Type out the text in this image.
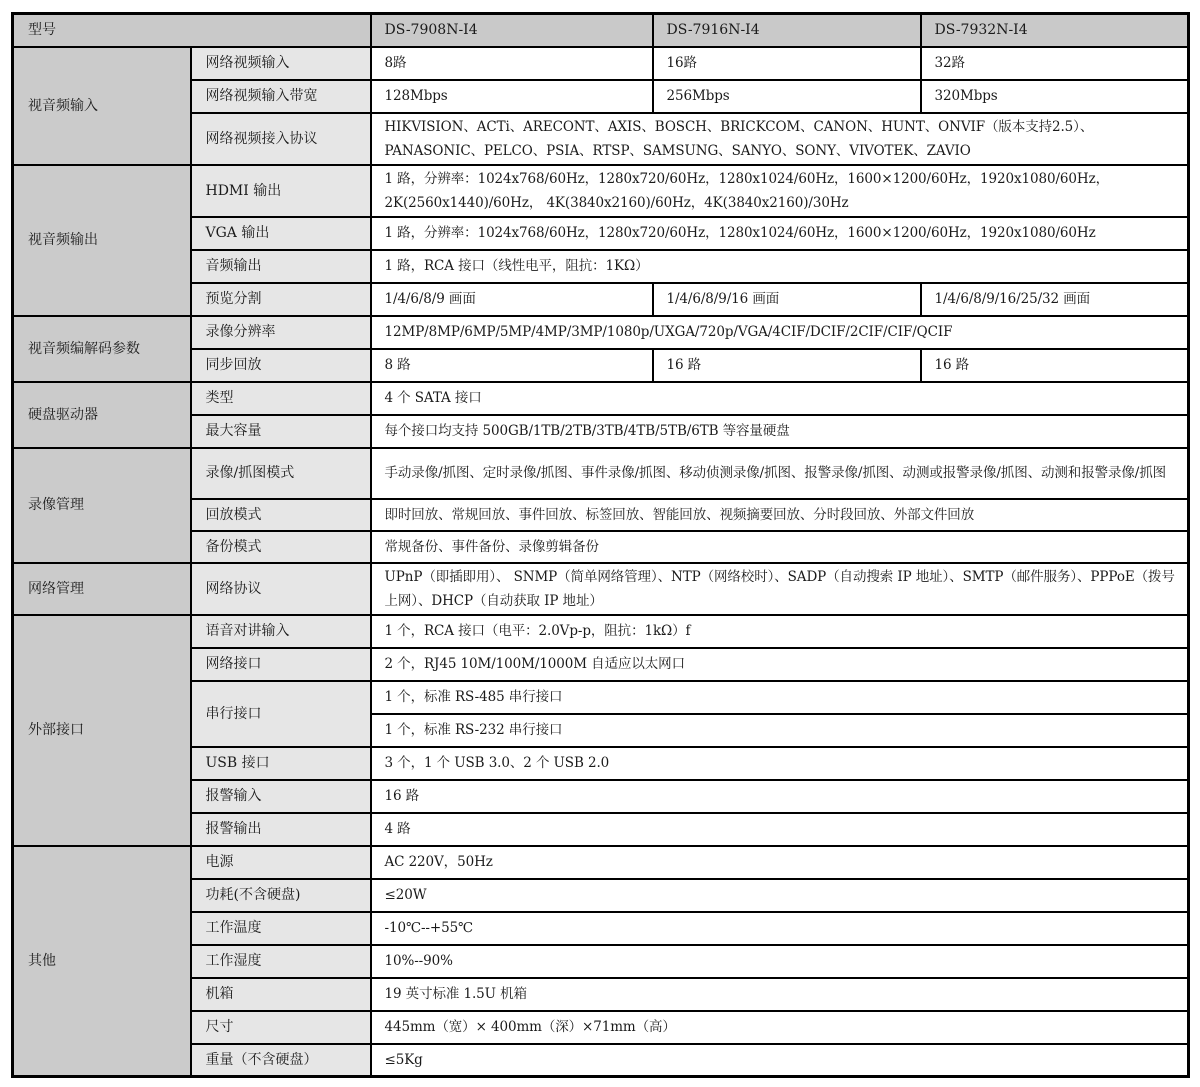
型号		DS-7908N-I4	DS-7916N-I4	DS-7932N-I4
视音频输入	网络视频输入	8路	16路	32路
	网络视频输入带宽	128Mbps	256Mbps	320Mbps
	网络视频接入协议	HIKVISION、ACTi、ARECONT、AXIS、BOSCH、BRICKCOM、CANON、HUNT、ONVIF（版本支持2.5）、PANASONIC、PELCO、PSIA、RTSP、SAMSUNG、SANYO、SONY、VIVOTEK、ZAVIO		
视音频输出	HDMI 输出	1 路，分辨率：1024x768/60Hz，1280x720/60Hz，1280x1024/60Hz，1600×1200/60Hz，1920x1080/60Hz，2K(2560x1440)/60Hz， 4K(3840x2160)/60Hz，4K(3840x2160)/30Hz		
	VGA 输出	1 路，分辨率：1024x768/60Hz，1280x720/60Hz，1280x1024/60Hz，1600×1200/60Hz，1920x1080/60Hz		
	音频输出	1 路，RCA 接口（线性电平，阻抗：1KΩ）		
	预览分割	1/4/6/8/9 画面	1/4/6/8/9/16 画面	1/4/6/8/9/16/25/32 画面
视音频编解码参数	录像分辨率	12MP/8MP/6MP/5MP/4MP/3MP/1080p/UXGA/720p/VGA/4CIF/DCIF/2CIF/CIF/QCIF		
	同步回放	8 路	16 路	16 路
硬盘驱动器	类型	4 个 SATA 接口		
	最大容量	每个接口均支持 500GB/1TB/2TB/3TB/4TB/5TB/6TB 等容量硬盘		
录像管理	录像/抓图模式	手动录像/抓图、定时录像/抓图、事件录像/抓图、移动侦测录像/抓图、报警录像/抓图、动测或报警录像/抓图、动测和报警录像/抓图		
	回放模式	即时回放、常规回放、事件回放、标签回放、智能回放、视频摘要回放、分时段回放、外部文件回放		
	备份模式	常规备份、事件备份、录像剪辑备份		
网络管理	网络协议	UPnP（即插即用）、 SNMP（简单网络管理）、NTP（网络校时）、SADP（自动搜索 IP 地址）、SMTP（邮件服务）、PPPoE（拨号上网）、DHCP（自动获取 IP 地址）		
外部接口	语音对讲输入	1 个，RCA 接口（电平：2.0Vp-p，阻抗：1kΩ）f		
	网络接口	2 个，RJ45 10M/100M/1000M 自适应以太网口		
	串行接口	1 个，标准 RS-485 串行接口		
		1 个，标准 RS-232 串行接口		
	USB 接口	3 个，1 个 USB 3.0、2 个 USB 2.0		
	报警输入	16 路		
	报警输出	4 路		
其他	电源	AC 220V，50Hz		
	功耗(不含硬盘)	≤20W		
	工作温度	-10℃--+55℃		
	工作湿度	10%--90%		
	机箱	19 英寸标准 1.5U 机箱		
	尺寸	445mm（宽）× 400mm（深）×71mm（高）		
	重量（不含硬盘）	≤5Kg		
